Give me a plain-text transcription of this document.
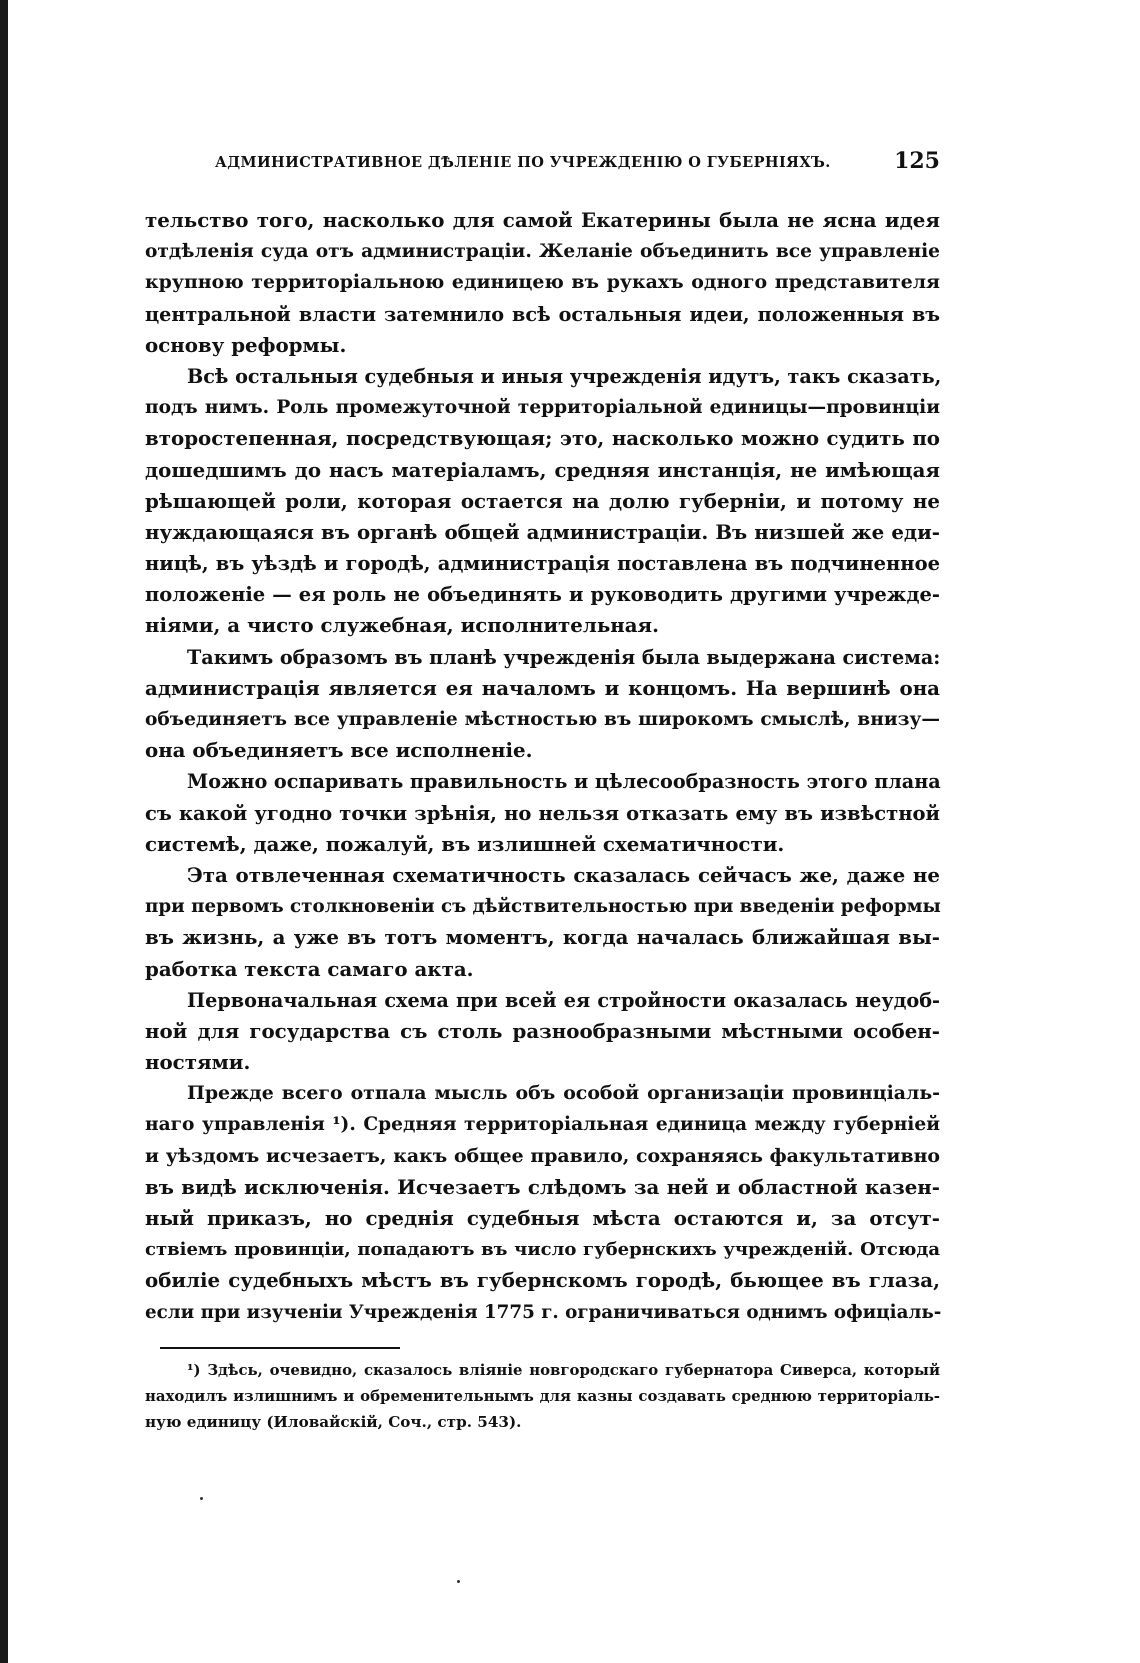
АДМИНИСТРАТИВНОЕ ДѢЛЕНІЕ ПО УЧРЕЖДЕНІЮ О ГУБЕРНІЯХЪ.	125
тельство того, насколько для самой Екатерины была не ясна идея
отдѣленія суда отъ администраціи. Желаніе объединить все управленіе
крупною территоріальною единицею въ рукахъ одного представителя
центральной власти затемнило всѣ остальныя идеи, положенныя въ
основу реформы.
Всѣ остальныя судебныя и иныя учрежденія идутъ, такъ сказать,
подъ нимъ. Роль промежуточной территоріальной единицы—провинціи
второстепенная, посредствующая; это, насколько можно судить по
дошедшимъ до насъ матеріаламъ, средняя инстанція, не имѣющая
рѣшающей роли, которая остается на долю губерніи, и потому не
нуждающаяся въ органѣ общей администраціи. Въ низшей же еди-
ницѣ, въ уѣздѣ и городѣ, администрація поставлена въ подчиненное
положеніе — ея роль не объединять и руководить другими учрежде-
ніями, а чисто служебная, исполнительная.
Такимъ образомъ въ планѣ учрежденія была выдержана система:
администрація является ея началомъ и концомъ. На вершинѣ она
объединяетъ все управленіе мѣстностью въ широкомъ смыслѣ, внизу—
она объединяетъ все исполненіе.
Можно оспаривать правильность и цѣлесообразность этого плана
съ какой угодно точки зрѣнія, но нельзя отказать ему въ извѣстной
системѣ, даже, пожалуй, въ излишней схематичности.
Эта отвлеченная схематичность сказалась сейчасъ же, даже не
при первомъ столкновеніи съ дѣйствительностью при введеніи реформы
въ жизнь, а уже въ тотъ моментъ, когда началась ближайшая вы-
работка текста самаго акта.
Первоначальная схема при всей ея стройности оказалась неудоб-
ной для государства съ столь разнообразными мѣстными особен-
ностями.
Прежде всего отпала мысль объ особой организаціи провинціаль-
наго управленія ¹). Средняя территоріальная единица между губерніей
и уѣздомъ исчезаетъ, какъ общее правило, сохраняясь факультативно
въ видѣ исключенія. Исчезаетъ слѣдомъ за ней и областной казен-
ный приказъ, но среднія судебныя мѣста остаются и, за отсут-
ствіемъ провинціи, попадаютъ въ число губернскихъ учрежденій. Отсюда
обиліе судебныхъ мѣстъ въ губернскомъ городѣ, бьющее въ глаза,
если при изученіи Учрежденія 1775 г. ограничиваться однимъ офиціаль-
¹) Здѣсь, очевидно, сказалось вліяніе новгородскаго губернатора Сиверса, который
находилъ излишнимъ и обременительнымъ для казны создавать среднюю территоріаль-
ную единицу (Иловайскій, Соч., стр. 543).
